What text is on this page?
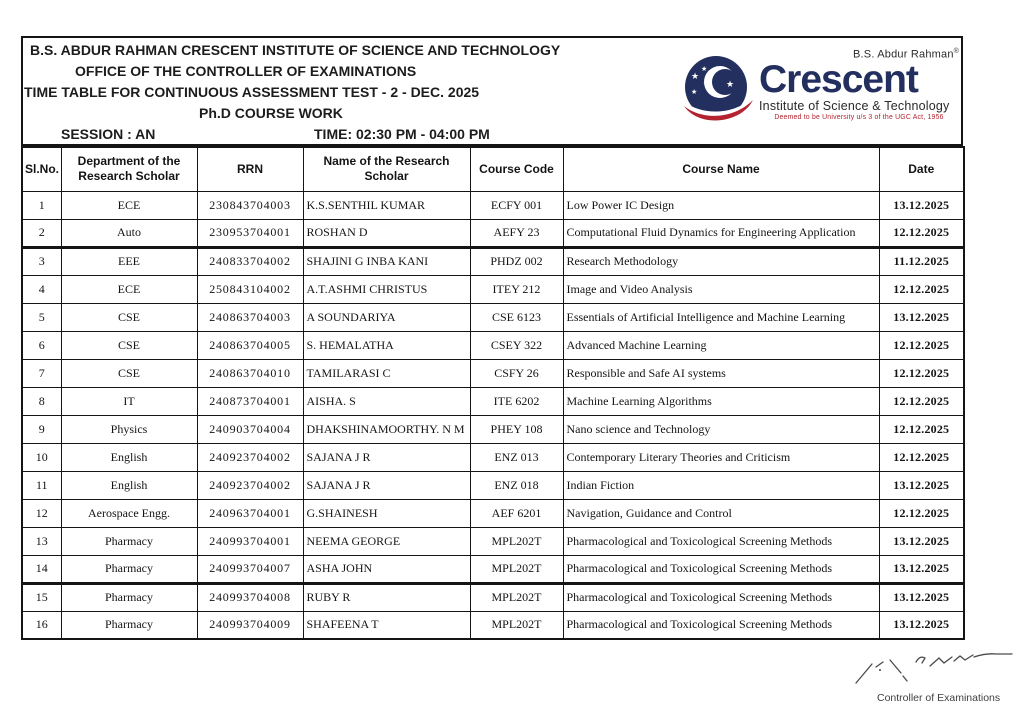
B.S. ABDUR RAHMAN CRESCENT INSTITUTE OF SCIENCE AND TECHNOLOGY
OFFICE OF THE CONTROLLER OF EXAMINATIONS
TIME TABLE FOR CONTINUOUS ASSESSMENT TEST - 2 - DEC. 2025
Ph.D COURSE WORK
SESSION : AN	TIME: 02:30 PM - 04:00 PM
★
★
★
★
★
B.S. Abdur Rahman®
Crescent
Institute of Science & Technology
Deemed to be University u/s 3 of the UGC Act, 1956
Sl.No.	Department of the Research Scholar	RRN	Name of the Research Scholar	Course Code	Course Name	Date
1	ECE	230843704003	K.S.SENTHIL KUMAR	ECFY 001	Low Power IC Design	13.12.2025
2	Auto	230953704001	ROSHAN D	AEFY 23	Computational Fluid Dynamics for Engineering Application	12.12.2025
3	EEE	240833704002	SHAJINI G INBA KANI	PHDZ 002	Research Methodology	11.12.2025
4	ECE	250843104002	A.T.ASHMI CHRISTUS	ITEY 212	Image and Video Analysis	12.12.2025
5	CSE	240863704003	A SOUNDARIYA	CSE 6123	Essentials of Artificial Intelligence and Machine Learning	13.12.2025
6	CSE	240863704005	S. HEMALATHA	CSEY 322	Advanced Machine Learning	12.12.2025
7	CSE	240863704010	TAMILARASI C	CSFY 26	Responsible and Safe AI systems	12.12.2025
8	IT	240873704001	AISHA. S	ITE 6202	Machine Learning Algorithms	12.12.2025
9	Physics	240903704004	DHAKSHINAMOORTHY. N M	PHEY 108	Nano science and Technology	12.12.2025
10	English	240923704002	SAJANA J R	ENZ 013	Contemporary Literary Theories and Criticism	12.12.2025
11	English	240923704002	SAJANA J R	ENZ 018	Indian Fiction	13.12.2025
12	Aerospace Engg.	240963704001	G.SHAINESH	AEF 6201	Navigation, Guidance and Control	12.12.2025
13	Pharmacy	240993704001	NEEMA GEORGE	MPL202T	Pharmacological and Toxicological Screening Methods	13.12.2025
14	Pharmacy	240993704007	ASHA JOHN	MPL202T	Pharmacological and Toxicological Screening Methods	13.12.2025
15	Pharmacy	240993704008	RUBY R	MPL202T	Pharmacological and Toxicological Screening Methods	13.12.2025
16	Pharmacy	240993704009	SHAFEENA T	MPL202T	Pharmacological and Toxicological Screening Methods	13.12.2025
Controller of Examinations
